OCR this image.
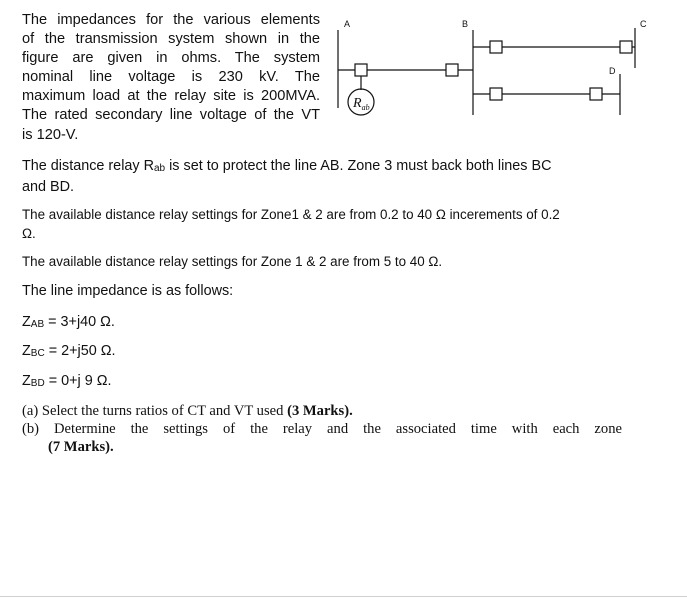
The impedances for the various elements
of the transmission system shown in the
figure are given in ohms. The system
nominal line voltage is 230 kV. The
maximum load at the relay site is 200MVA.
The rated secondary line voltage of the VT
is 120-V.

A	B	C
D
$R_{ab}$

The distance relay $R_{ab}$ is set to protect the line AB. Zone 3 must back both lines BC
and BD.

The available distance relay settings for Zone1 & 2 are from 0.2 to 40 Ω incerements of 0.2
Ω.

The available distance relay settings for Zone 1 & 2 are from 5 to 40 Ω.

The line impedance is as follows:

$Z_{AB} = 3+j40$ Ω.

$Z_{BC} = 2+j50$ Ω.

$Z_{BD} = 0+j$ 9 Ω.

(a) Select the turns ratios of CT and VT used (3 Marks).
(b) Determine the settings of the relay and the associated time with each zone
(7 Marks).
